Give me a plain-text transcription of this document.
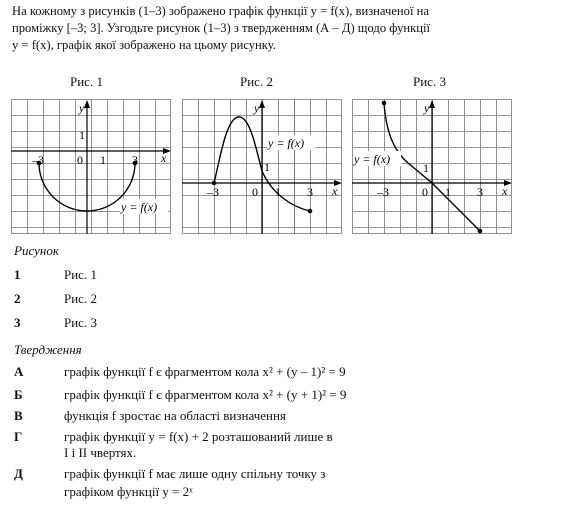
На кожному з рисунків (1–3) зображено графік функції y = f(x), визначеної на
проміжку [–3; 3]. Узгодьте рисунок (1–3) з твердженням (А – Д) щодо функції
y = f(x), графік якої зображено на цьому рисунку.
Рис. 1	Рис. 2	Рис. 3
y
x
0 1
1
–3	3
y = f(x)
y
x
0 1
1
–3	3
y = f(x)
y
x
0 1
1
–3	3
y = f(x)
Рисунок
1	Рис. 1
2	Рис. 2
3	Рис. 3
Твердження
А	графік функції f є фрагментом кола x² + (y – 1)² = 9
Б	графік функції f є фрагментом кола x² + (y + 1)² = 9
В	функція f зростає на області визначення
Г	графік функції y = f(x) + 2 розташований лише в
I і II чвертях.
Д	графік функції f має лише одну спільну точку з
графіком функції y = 2ˣ
